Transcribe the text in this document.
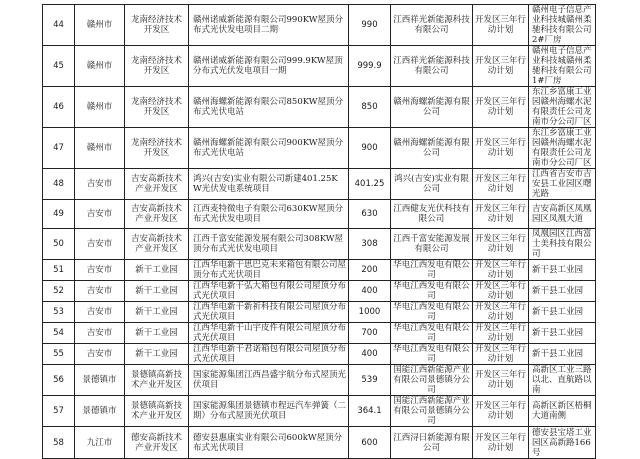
44	赣州市	龙南经济技术开发区	赣州诺威新能源有限公司990KW屋顶分布式光伏发电项目二期	990	江西祥光新能源科技有限公司	开发区三年行动计划	赣州电子信息产业科技城赣州柔驰科技有限公司2#厂房
45	赣州市	龙南经济技术开发区	赣州诺威新能源有限公司999.9KW屋顶分布式光伏发电项目一期	999.9	江西祥光新能源科技有限公司	开发区三年行动计划	赣州电子信息产业科技城赣州柔驰科技有限公司1#厂房
46	赣州市	龙南经济技术开发区	赣州海螺新能源有限公司850KW屋顶分布式光伏电站	850	赣州海螺新能源有限公司	开发区三年行动计划	东江乡富康工业园赣州海螺水泥有限责任公司龙南市分公司厂区
47	赣州市	龙南经济技术开发区	赣州海螺新能源有限公司900KW屋顶分布式光伏电站	900	赣州海螺新能源有限公司	开发区三年行动计划	东江乡富康工业园赣州海螺水泥有限责任公司龙南市分公司厂区
48	吉安市	吉安高新技术产业开发区	鸿兴(吉安)实业有限公司新建401.25KW光伏发电系统项目	401.25	鸿兴(吉安)实业有限公司	开发区三年行动计划	江西省吉安市吉安县工业园区曙光路
49	吉安市	吉安高新技术产业开发区	江西麦特微电子有限公司630KW屋顶分布式光伏发电项目	630	江西健友光伏科技有限公司	开发区三年行动计划	吉安高新区凤凰园区凤凰大道
50	吉安市	吉安高新技术产业开发区	江西千富安能源发展有限公司308KW屋顶分布式光伏发电项目	308	江西千富安能源发展有限公司	开发区三年行动计划	凤凰园区江西富士美科技有限公司
51	吉安市	新干工业园	江西华电新干思巴克未来箱包有限公司屋顶分布式光伏项目	200	华电江西发电有限公司	开发区三年行动计划	新干县工业园
52	吉安市	新干工业园	江西华电新干弘大箱包有限公司屋顶分布式光伏项目	400	华电江西发电有限公司	开发区三年行动计划	新干县工业园
53	吉安市	新干工业园	江西华电新干新祈科技有限公司屋顶分布式光伏项目	1000	华电江西发电有限公司	开发区三年行动计划	新干县工业园
54	吉安市	新干工业园	江西华电新干山宇皮件有限公司屋顶分布式光伏项目	700	华电江西发电有限公司	开发区三年行动计划	新干县工业园
55	吉安市	新干工业园	江西华电新干君诺箱包有限公司屋顶分布式光伏项目	400	华电江西发电有限公司	开发区三年行动计划	新干县工业园
56	景德镇市	景德镇高新技术产业开发区	国家能源集团江西昌盛宇航分布式屋顶光伏项目	539	国能江西新能源产业有限公司景德镇分公司	开发区三年行动计划	高新区工业三路以北、直航路以南
57	景德镇市	景德镇高新技术产业开发区	国家能源集团景德镇市程远汽车弹簧（二期）分布式屋顶光伏项目	364.1	国能江西新能源产业有限公司景德镇分公司	开发区三年行动计划	高新区新区梧桐大道南侧
58	九江市	德安高新技术产业开发区	德安县惠康实业有限公司600kW屋顶分布式光伏项目	600	江西浔日新能源有限公司	开发区三年行动计划	德安县宝塔工业园区高新路166号
